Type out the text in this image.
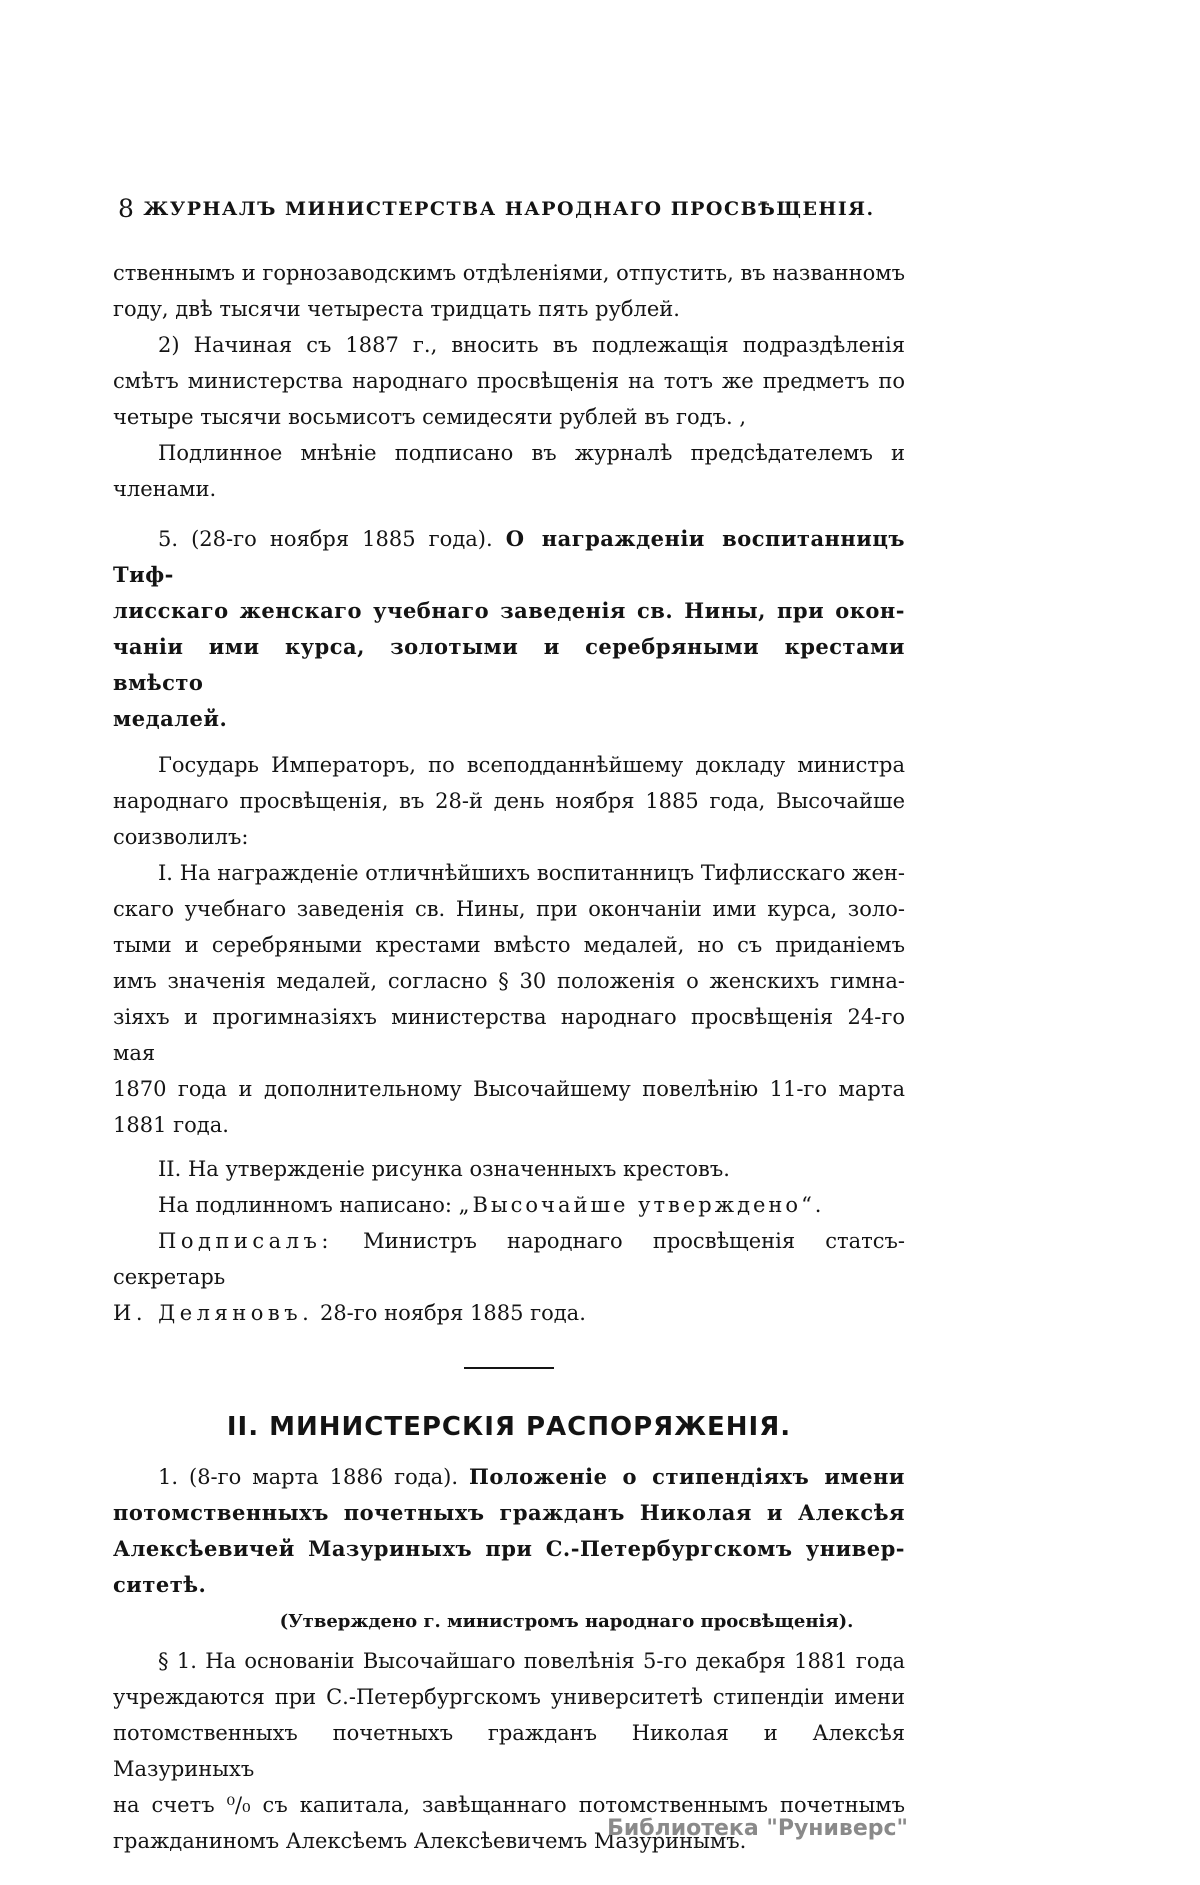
8 ЖУРНАЛЪ МИНИСТЕРСТВА НАРОДНАГО ПРОСВѢЩЕНІЯ.
ственнымъ и горнозаводскимъ отдѣленіями, отпустить, въ названномъ
году, двѣ тысячи четыреста тридцать пять рублей.
2) Начиная съ 1887 г., вносить въ подлежащія подраздѣленія
смѣтъ министерства народнаго просвѣщенія на тотъ же предметъ по
четыре тысячи восьмисотъ семидесяти рублей въ годъ. ,
Подлинное мнѣніе подписано въ журналѣ предсѣдателемъ и
членами.
5. (28-го ноября 1885 года). О награжденіи воспитанницъ Тиф-
лисскаго женскаго учебнаго заведенія св. Нины, при окон-
чаніи ими курса, золотыми и серебряными крестами вмѣсто
медалей.
Государь Императоръ, по всеподданнѣйшему докладу министра
народнаго просвѣщенія, въ 28-й день ноября 1885 года, Высочайше
соизволилъ:
I. На награжденіе отличнѣйшихъ воспитанницъ Тифлисскаго жен-
скаго учебнаго заведенія св. Нины, при окончаніи ими курса, золо-
тыми и серебряными крестами вмѣсто медалей, но съ приданіемъ
имъ значенія медалей, согласно § 30 положенія о женскихъ гимна-
зіяхъ и прогимназіяхъ министерства народнаго просвѣщенія 24-го мая
1870 года и дополнительному Высочайшему повелѣнію 11-го марта
1881 года.
II. На утвержденіе рисунка означенныхъ крестовъ.
На подлинномъ написано: „Высочайше утверждено“.
Подписалъ: Министръ народнаго просвѣщенія статсъ-секретарь
И. Деляновъ. 28-го ноября 1885 года.
II. МИНИСТЕРСКІЯ РАСПОРЯЖЕНІЯ.
1. (8-го марта 1886 года). Положеніе о стипендіяхъ имени
потомственныхъ почетныхъ гражданъ Николая и Алексѣя
Алексѣевичей Мазуриныхъ при С.-Петербургскомъ универ-
ситетѣ.
(Утверждено г. министромъ народнаго просвѣщенія).
§ 1. На основаніи Высочайшаго повелѣнія 5-го декабря 1881 года
учреждаются при С.-Петербургскомъ университетѣ стипендіи имени
потомственныхъ почетныхъ гражданъ Николая и Алексѣя Мазуриныхъ
на счетъ ⁰/₀ съ капитала, завѣщаннаго потомственнымъ почетнымъ
гражданиномъ Алексѣемъ Алексѣевичемъ Мазуринымъ.
Библиотека "Руниверс"
